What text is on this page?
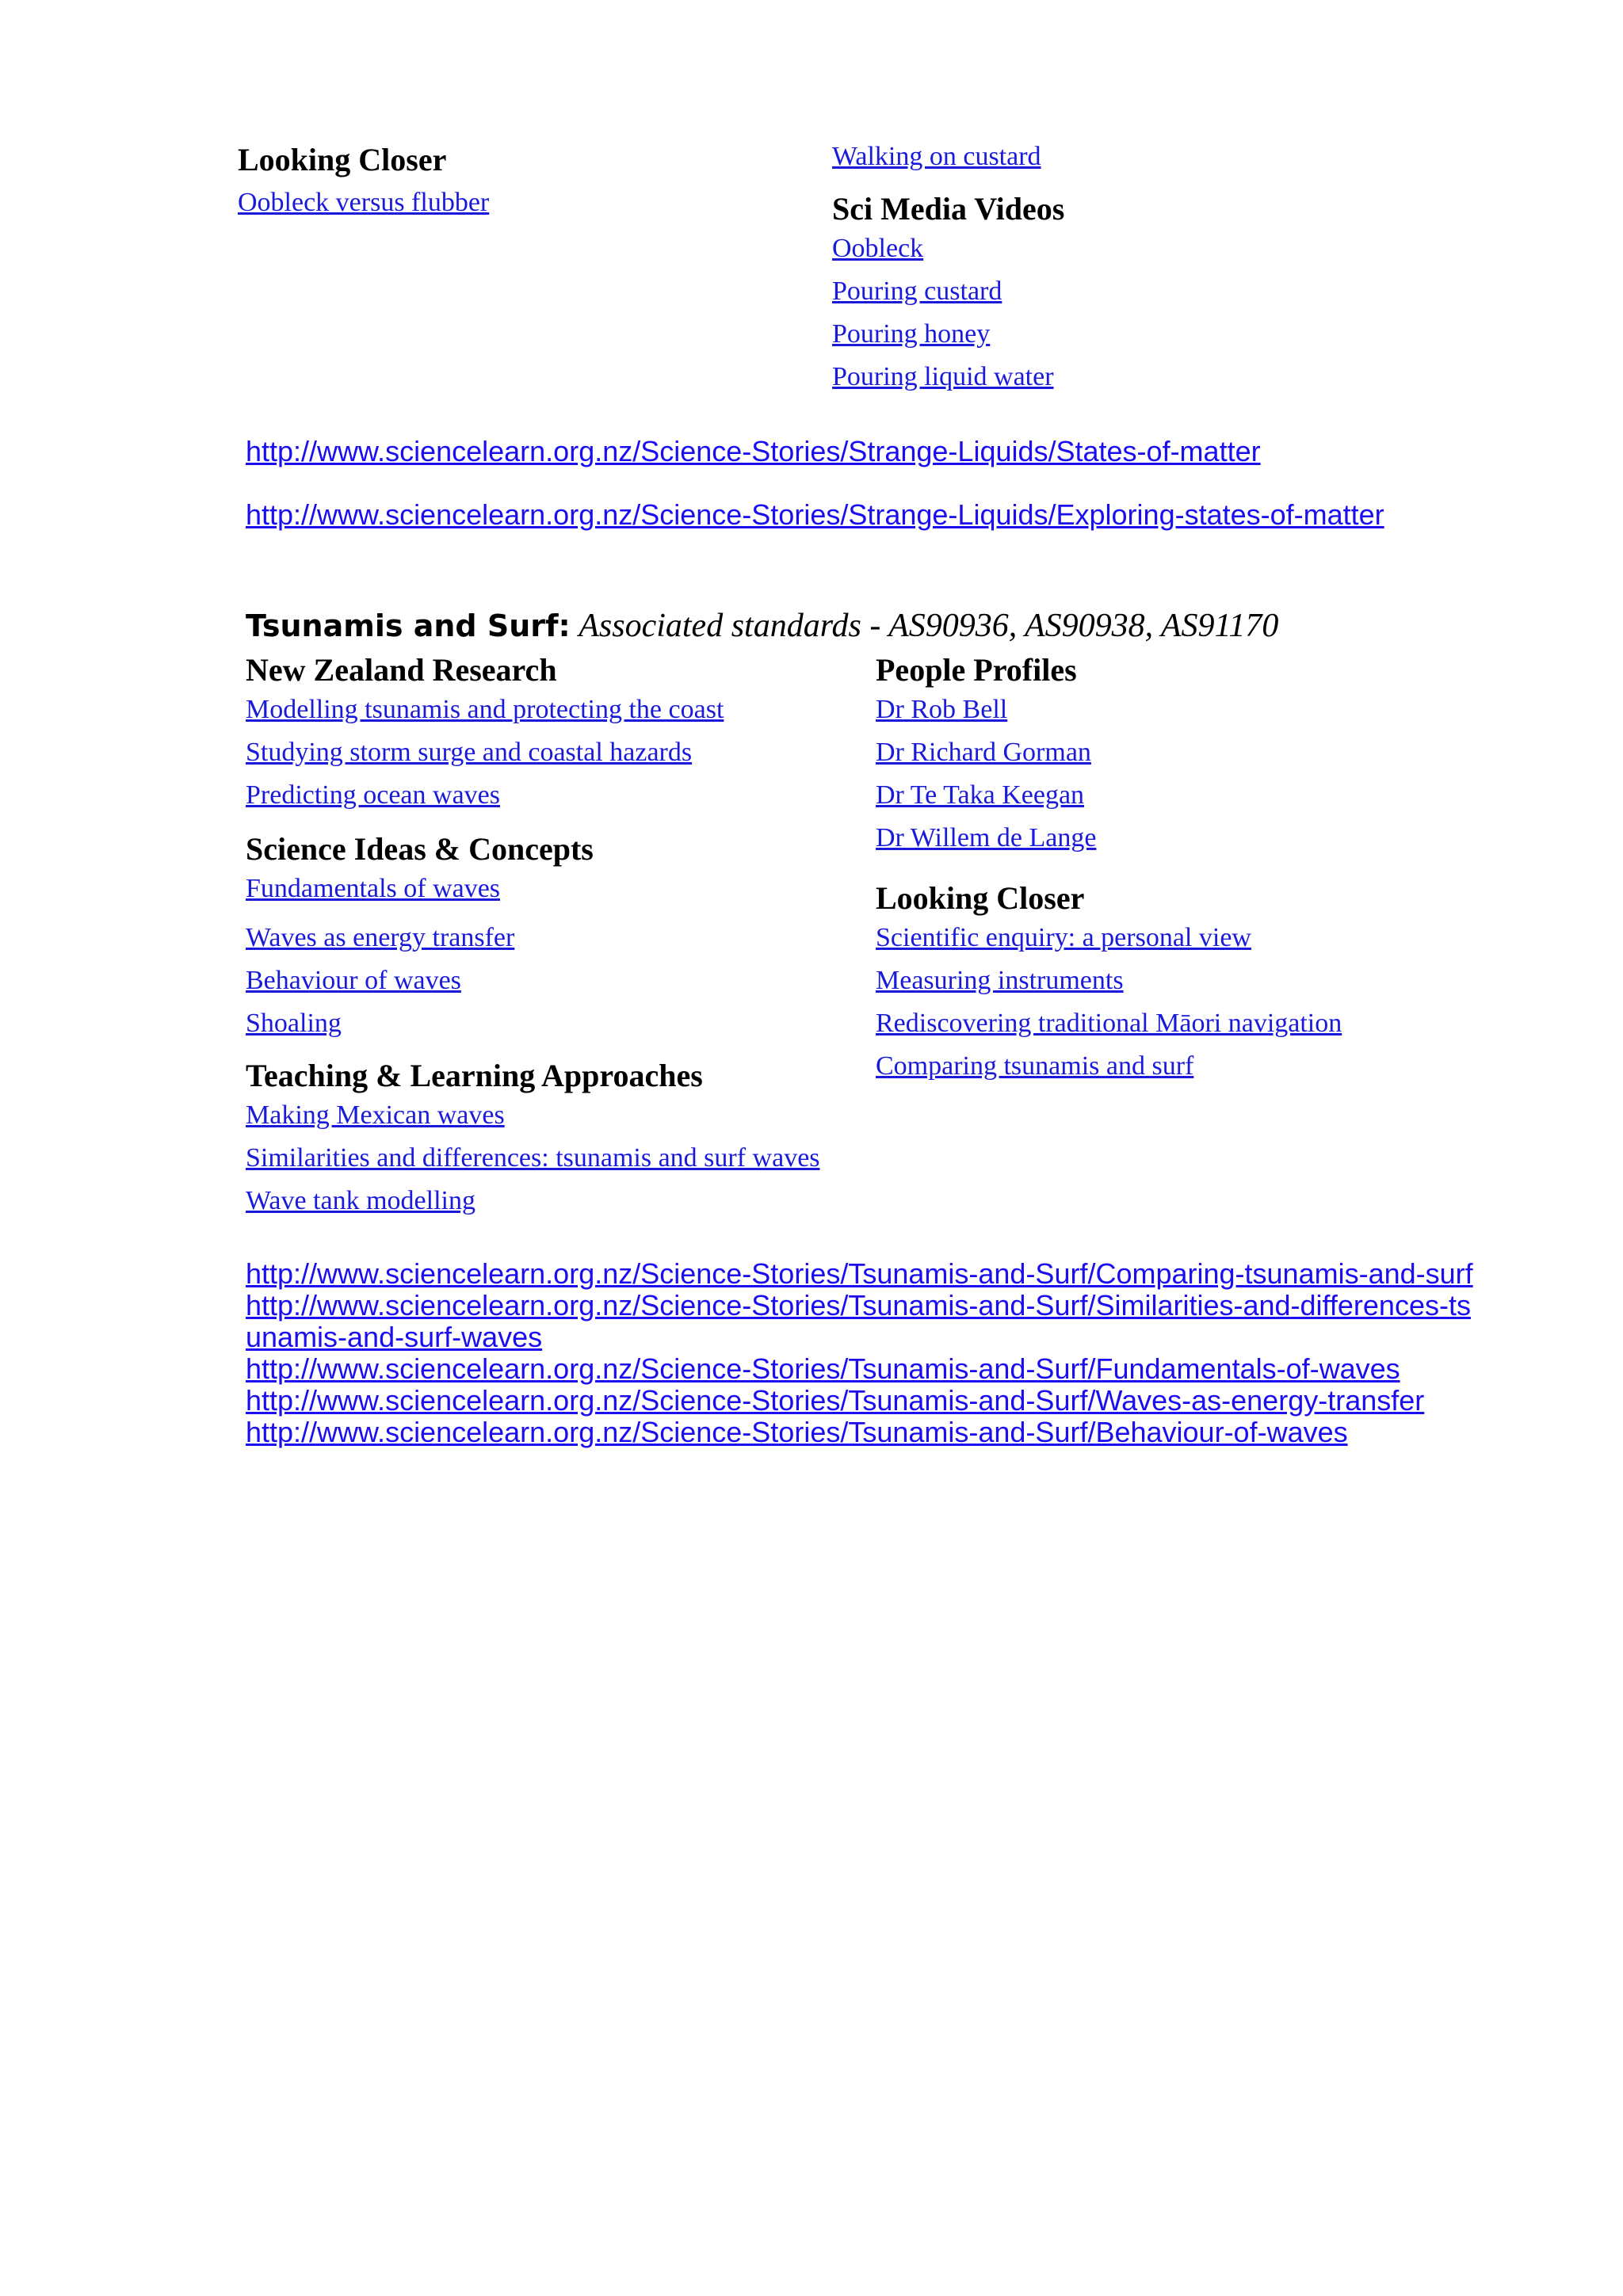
Looking Closer
Oobleck versus flubber
Walking on custard
Sci Media Videos
Oobleck
Pouring custard
Pouring honey
Pouring liquid water
http://www.sciencelearn.org.nz/Science-Stories/Strange-Liquids/States-of-matter
http://www.sciencelearn.org.nz/Science-Stories/Strange-Liquids/Exploring-states-of-matter
Tsunamis and Surf: Associated standards - AS90936, AS90938, AS91170
New Zealand Research
Modelling tsunamis and protecting the coast
Studying storm surge and coastal hazards
Predicting ocean waves
Science Ideas & Concepts
Fundamentals of waves
Waves as energy transfer
Behaviour of waves
Shoaling
Teaching & Learning Approaches
Making Mexican waves
Similarities and differences: tsunamis and surf waves
Wave tank modelling
People Profiles
Dr Rob Bell
Dr Richard Gorman
Dr Te Taka Keegan
Dr Willem de Lange
Looking Closer
Scientific enquiry: a personal view
Measuring instruments
Rediscovering traditional Māori navigation
Comparing tsunamis and surf
http://www.sciencelearn.org.nz/Science-Stories/Tsunamis-and-Surf/Comparing-tsunamis-and-surf
http://www.sciencelearn.org.nz/Science-Stories/Tsunamis-and-Surf/Similarities-and-differences-tsunamis-and-surf-waves
http://www.sciencelearn.org.nz/Science-Stories/Tsunamis-and-Surf/Fundamentals-of-waves
http://www.sciencelearn.org.nz/Science-Stories/Tsunamis-and-Surf/Waves-as-energy-transfer
http://www.sciencelearn.org.nz/Science-Stories/Tsunamis-and-Surf/Behaviour-of-waves
